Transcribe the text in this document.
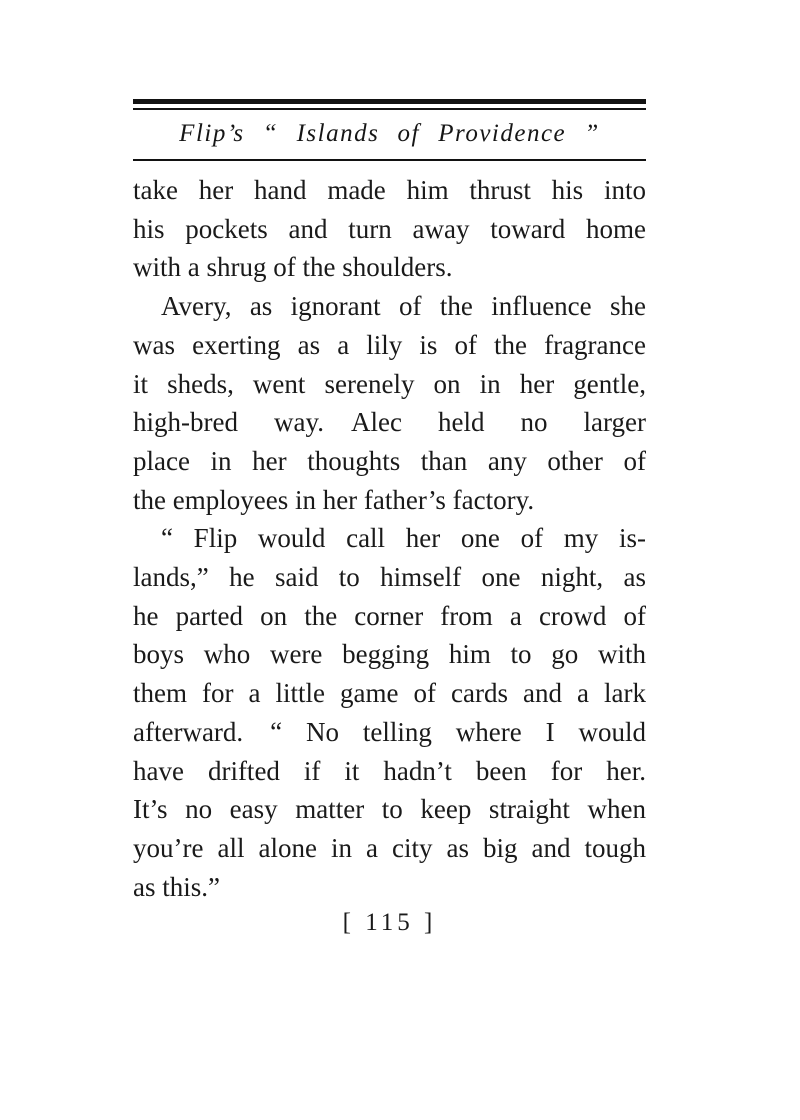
Flip’s “ Islands of Providence ”
take her hand made him thrust his into
his pockets and turn away toward home
with a shrug of the shoulders.
Avery, as ignorant of the influence she
was exerting as a lily is of the fragrance
it sheds, went serenely on in her gentle,
high-bred way. Alec held no larger
place in her thoughts than any other of
the employees in her father’s factory.
“ Flip would call her one of my is-
lands,” he said to himself one night, as
he parted on the corner from a crowd of
boys who were begging him to go with
them for a little game of cards and a lark
afterward. “ No telling where I would
have drifted if it hadn’t been for her.
It’s no easy matter to keep straight when
you’re all alone in a city as big and tough
as this.”
[ 115 ]
